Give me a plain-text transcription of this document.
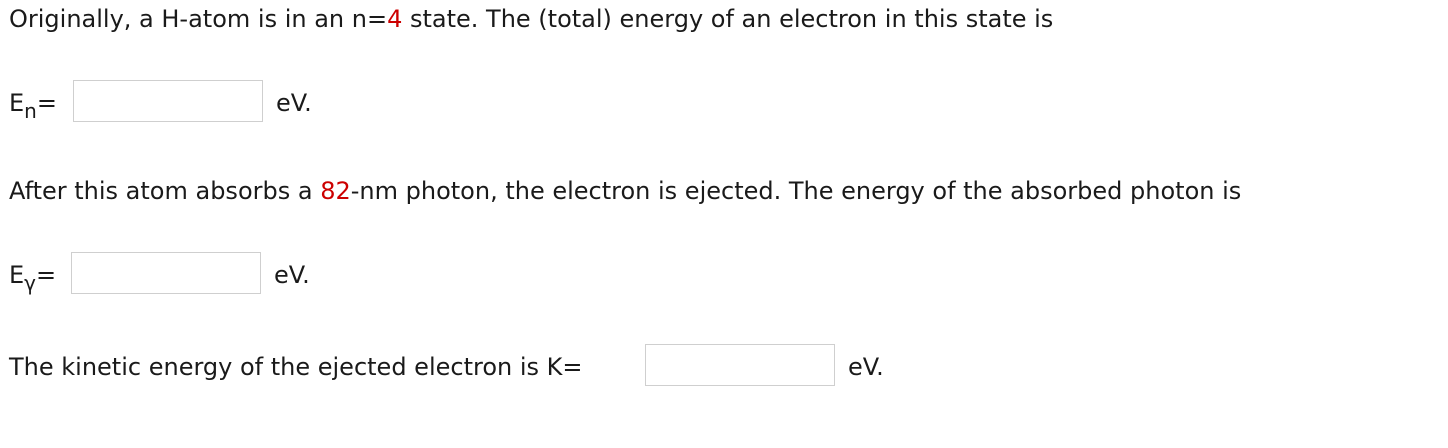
Originally, a H-atom is in an n=4 state. The (total) energy of an electron in this state is
$E_n=$	eV.
After this atom absorbs a 82-nm photon, the electron is ejected. The energy of the absorbed photon is
$E_\gamma=$	eV.
The kinetic energy of the ejected electron is K=	eV.
